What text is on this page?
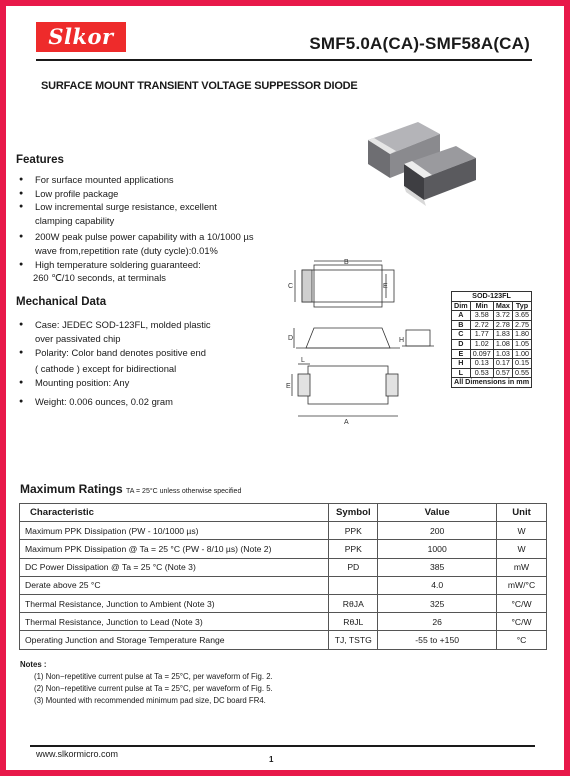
Slkor	SMF5.0A(CA)-SMF58A(CA)
SURFACE MOUNT TRANSIENT VOLTAGE SUPPESSOR DIODE
Features
● For surface mounted applications
● Low profile package
● Low incremental surge resistance, excellent
clamping capability
● 200W peak pulse power capability with a 10/1000 µs
wave from,repetition rate (duty cycle):0.01%
● High temperature soldering guaranteed:
260 ℃/10 seconds, at terminals
Mechanical Data
● Case: JEDEC SOD-123FL, molded plastic
over passivated chip
● Polarity: Color band denotes positive end
( cathode ) except for bidirectional
● Mounting position: Any
● Weight: 0.006 ounces, 0.02 gram
B
C	E
D	H
L
E
A
SOD-123FL			
Dim	Min	Max	Typ
A	3.58	3.72	3.65
B	2.72	2.78	2.75
C	1.77	1.83	1.80
D	1.02	1.08	1.05
E	0.097	1.03	1.00
H	0.13	0.17	0.15
L	0.53	0.57	0.55
All Dimensions in mm			
Maximum Ratings TA = 25°C unless otherwise specified
Characteristic	Symbol	Value	Unit
Maximum PPK Dissipation (PW - 10/1000 µs)	PPK	200	W
Maximum PPK Dissipation @ Ta = 25 °C (PW - 8/10 µs) (Note 2)	PPK	1000	W
DC Power Dissipation @ Ta = 25 °C (Note 3)	PD	385	mW
Derate above 25 °C		4.0	mW/°C
Thermal Resistance, Junction to Ambient (Note 3)	RθJA	325	°C/W
Thermal Resistance, Junction to Lead (Note 3)	RθJL	26	°C/W
Operating Junction and Storage Temperature Range	TJ, TSTG	-55 to +150	°C
Notes :
(1) Non−repetitive current pulse at Ta = 25°C, per waveform of Fig. 2.
(2) Non−repetitive current pulse at Ta = 25°C, per waveform of Fig. 5.
(3) Mounted with recommended minimum pad size, DC board FR4.
www.slkormicro.com
1
